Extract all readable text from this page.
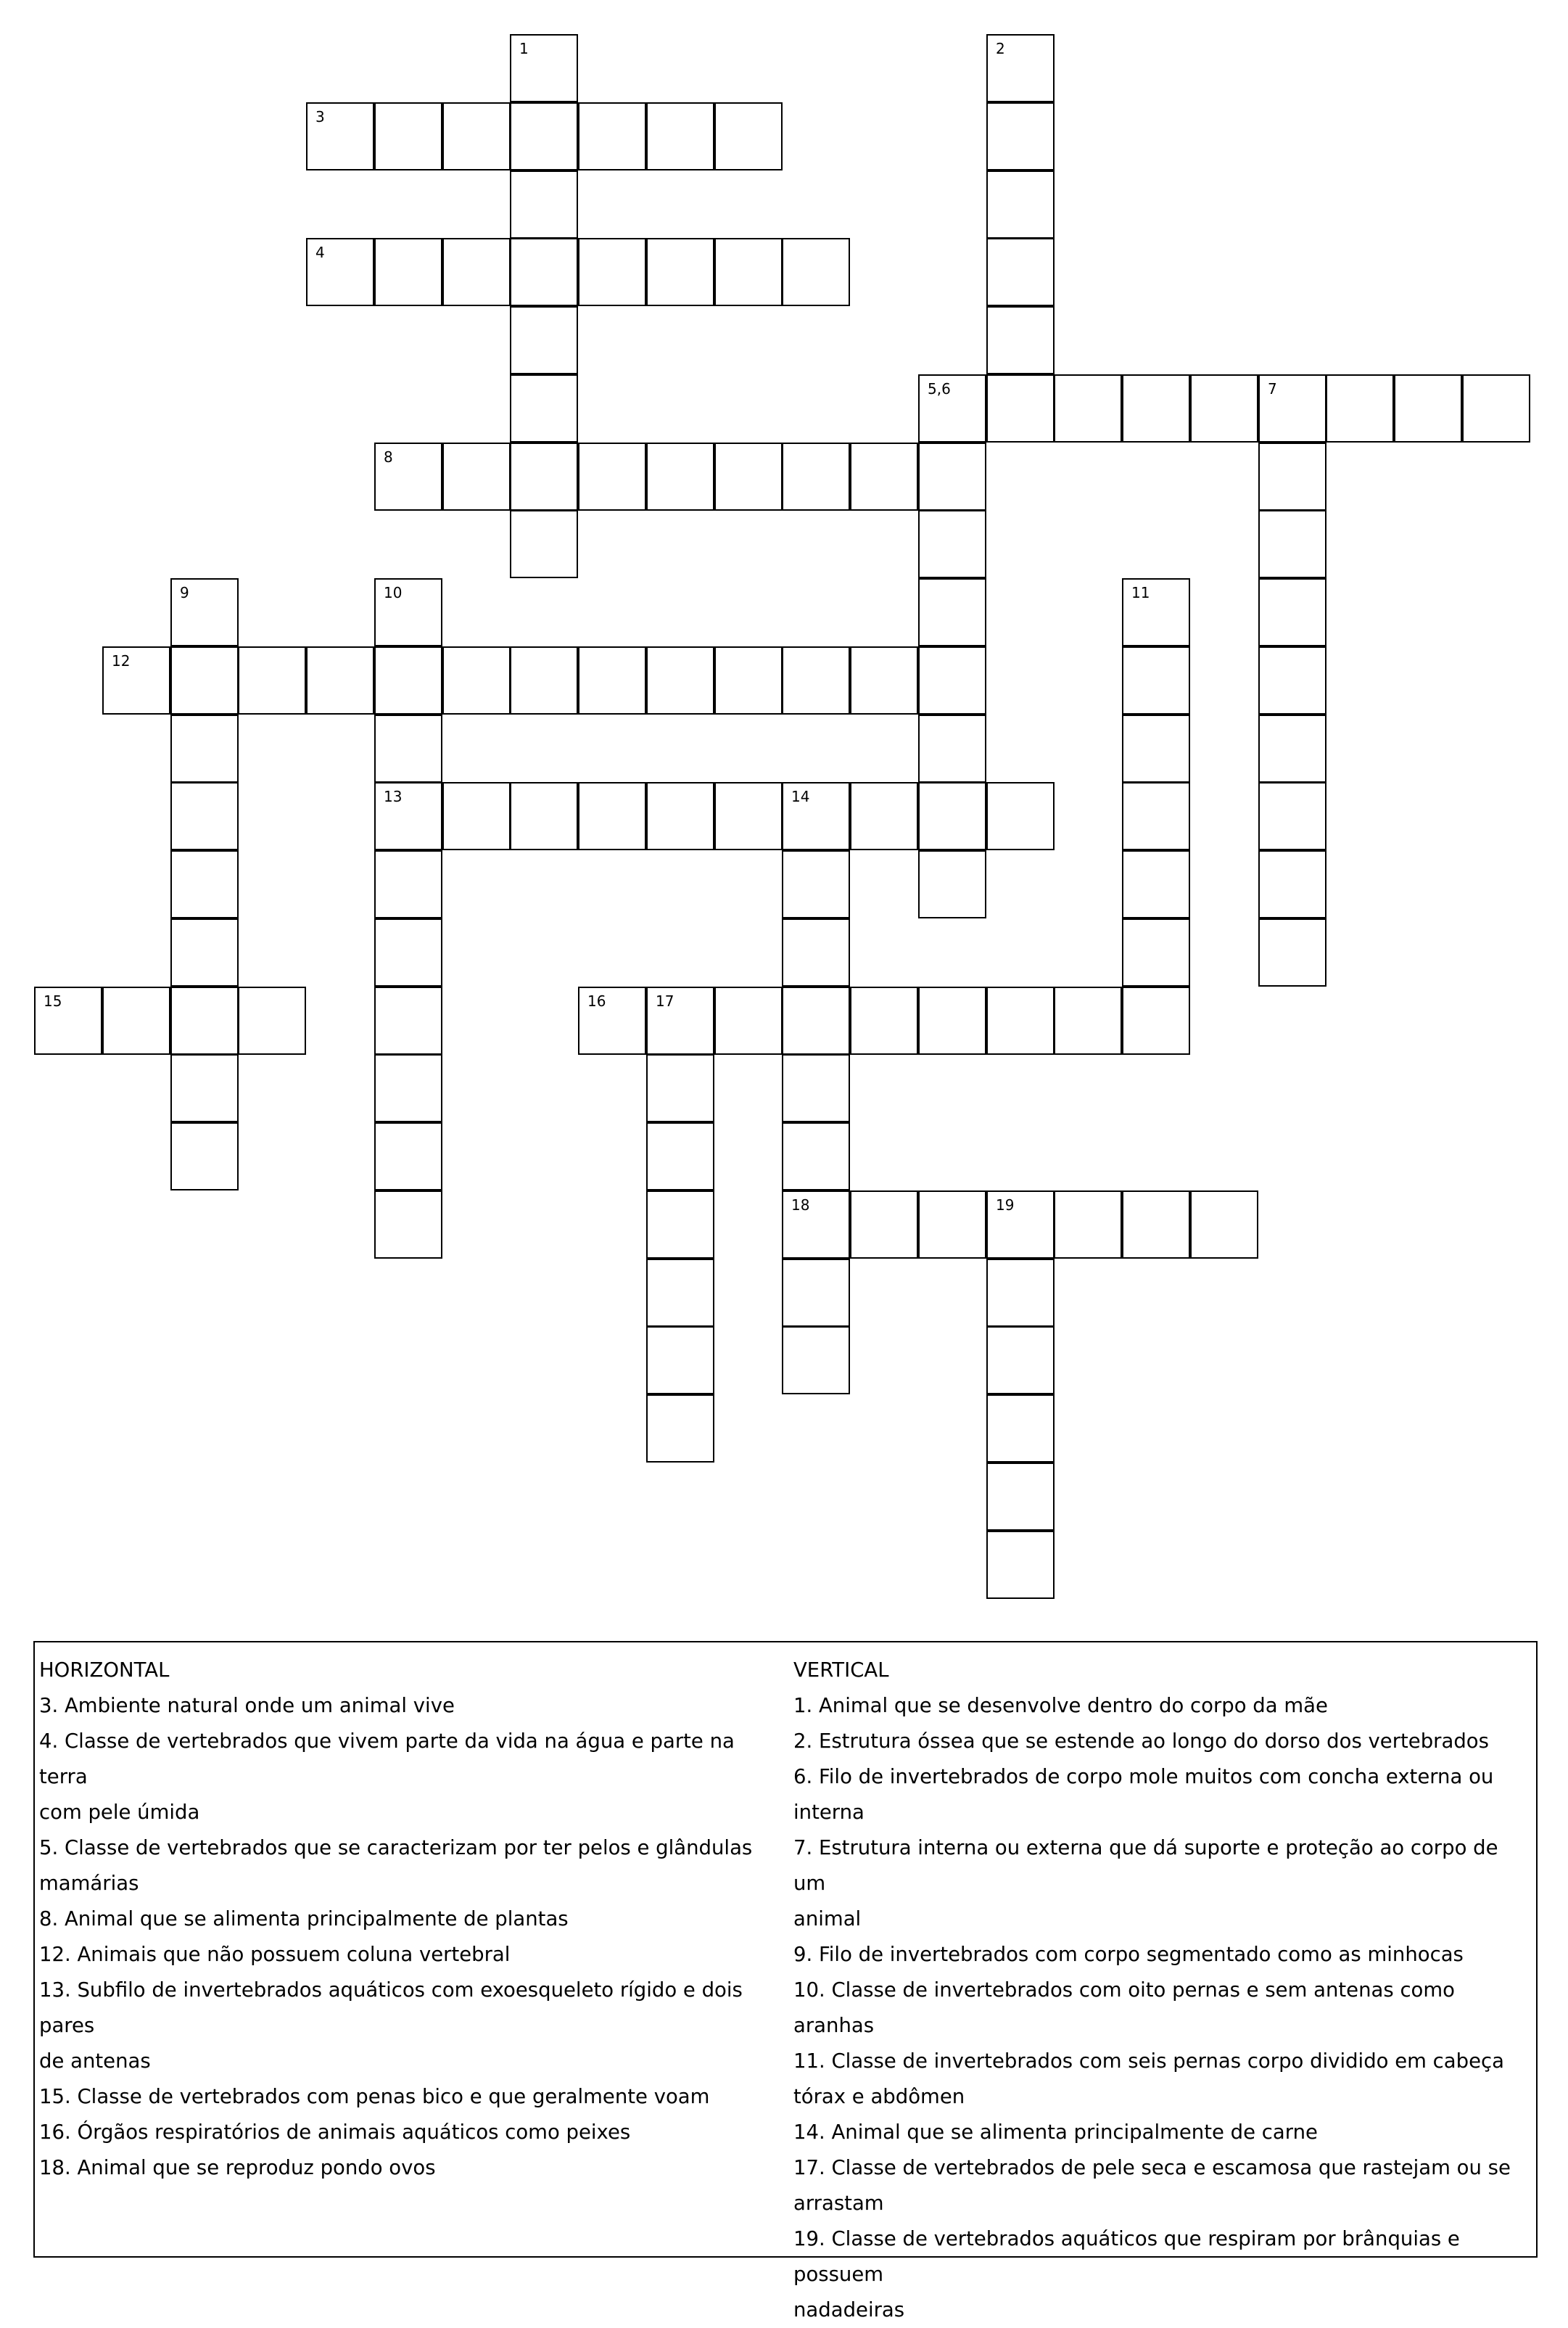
1	2
3
4
5,6	7
8
9	10
13
11
12
14
18
15	16	17
19

HORIZONTAL

3. Ambiente natural onde um animal vive

4. Classe de vertebrados que vivem parte da vida na água e parte na terra

com pele úmida

5. Classe de vertebrados que se caracterizam por ter pelos e glândulas

mamárias

8. Animal que se alimenta principalmente de plantas

12. Animais que não possuem coluna vertebral

13. Subfilo de invertebrados aquáticos com exoesqueleto rígido e dois pares

de antenas

15. Classe de vertebrados com penas bico e que geralmente voam

16. Órgãos respiratórios de animais aquáticos como peixes

18. Animal que se reproduz pondo ovos

VERTICAL

1. Animal que se desenvolve dentro do corpo da mãe

2. Estrutura óssea que se estende ao longo do dorso dos vertebrados

6. Filo de invertebrados de corpo mole muitos com concha externa ou

interna

7. Estrutura interna ou externa que dá suporte e proteção ao corpo de um

animal

9. Filo de invertebrados com corpo segmentado como as minhocas

10. Classe de invertebrados com oito pernas e sem antenas como aranhas

11. Classe de invertebrados com seis pernas corpo dividido em cabeça

tórax e abdômen

14. Animal que se alimenta principalmente de carne

17. Classe de vertebrados de pele seca e escamosa que rastejam ou se

arrastam

19. Classe de vertebrados aquáticos que respiram por brânquias e possuem

nadadeiras
